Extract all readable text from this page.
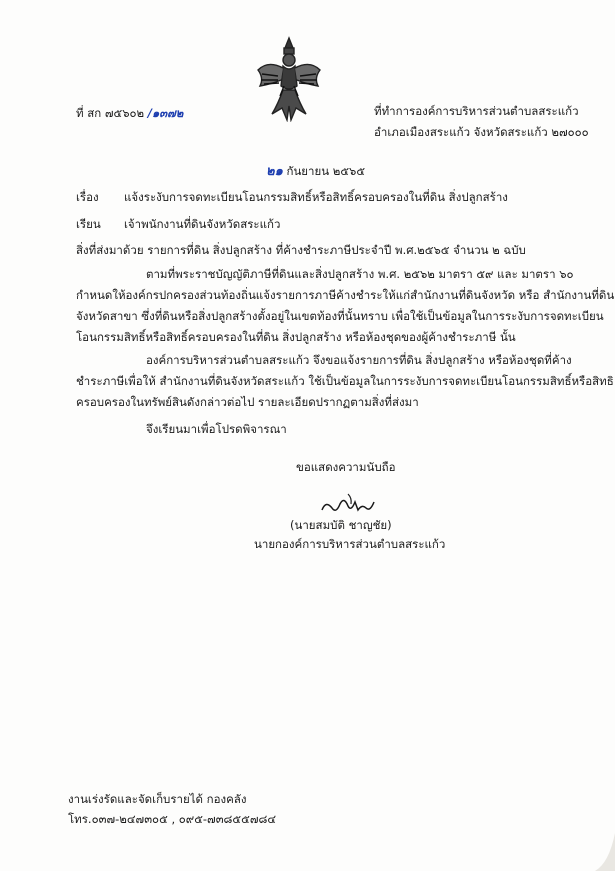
ที่ สก ๗๕๖๐๒ /๑๓๗๒	ที่ทำการองค์การบริหารส่วนตำบลสระแก้ว
อำเภอเมืองสระแก้ว จังหวัดสระแก้ว ๒๗๐๐๐
๒๑ กันยายน ๒๕๖๕
เรื่อง แจ้งระงับการจดทะเบียนโอนกรรมสิทธิ์หรือสิทธิ์ครอบครองในที่ดิน สิ่งปลูกสร้าง
เรียน เจ้าพนักงานที่ดินจังหวัดสระแก้ว
สิ่งที่ส่งมาด้วย รายการที่ดิน สิ่งปลูกสร้าง ที่ค้างชำระภาษีประจำปี พ.ศ.๒๕๖๕ จำนวน ๒ ฉบับ
ตามที่พระราชบัญญัติภาษีที่ดินและสิ่งปลูกสร้าง พ.ศ. ๒๕๖๒ มาตรา ๕๙ และ มาตรา ๖๐
กำหนดให้องค์กรปกครองส่วนท้องถิ่นแจ้งรายการภาษีค้างชำระให้แก่สำนักงานที่ดินจังหวัด หรือ สำนักงานที่ดิน
จังหวัดสาขา ซึ่งที่ดินหรือสิ่งปลูกสร้างตั้งอยู่ในเขตท้องที่นั้นทราบ เพื่อใช้เป็นข้อมูลในการระงับการจดทะเบียน
โอนกรรมสิทธิ์หรือสิทธิ์ครอบครองในที่ดิน สิ่งปลูกสร้าง หรือห้องชุดของผู้ค้างชำระภาษี นั้น
องค์การบริหารส่วนตำบลสระแก้ว จึงขอแจ้งรายการที่ดิน สิ่งปลูกสร้าง หรือห้องชุดที่ค้าง
ชำระภาษีเพื่อให้ สำนักงานที่ดินจังหวัดสระแก้ว ใช้เป็นข้อมูลในการระงับการจดทะเบียนโอนกรรมสิทธิ์หรือสิทธิ
ครอบครองในทรัพย์สินดังกล่าวต่อไป รายละเอียดปรากฏตามสิ่งที่ส่งมา
จึงเรียนมาเพื่อโปรดพิจารณา
ขอแสดงความนับถือ
(นายสมบัติ ชาญชัย)
นายกองค์การบริหารส่วนตำบลสระแก้ว
งานเร่งรัดและจัดเก็บรายได้ กองคลัง
โทร.๐๓๗-๒๔๗๓๐๕ , ๐๙๕-๗๓๘๕๕๗๘๔
